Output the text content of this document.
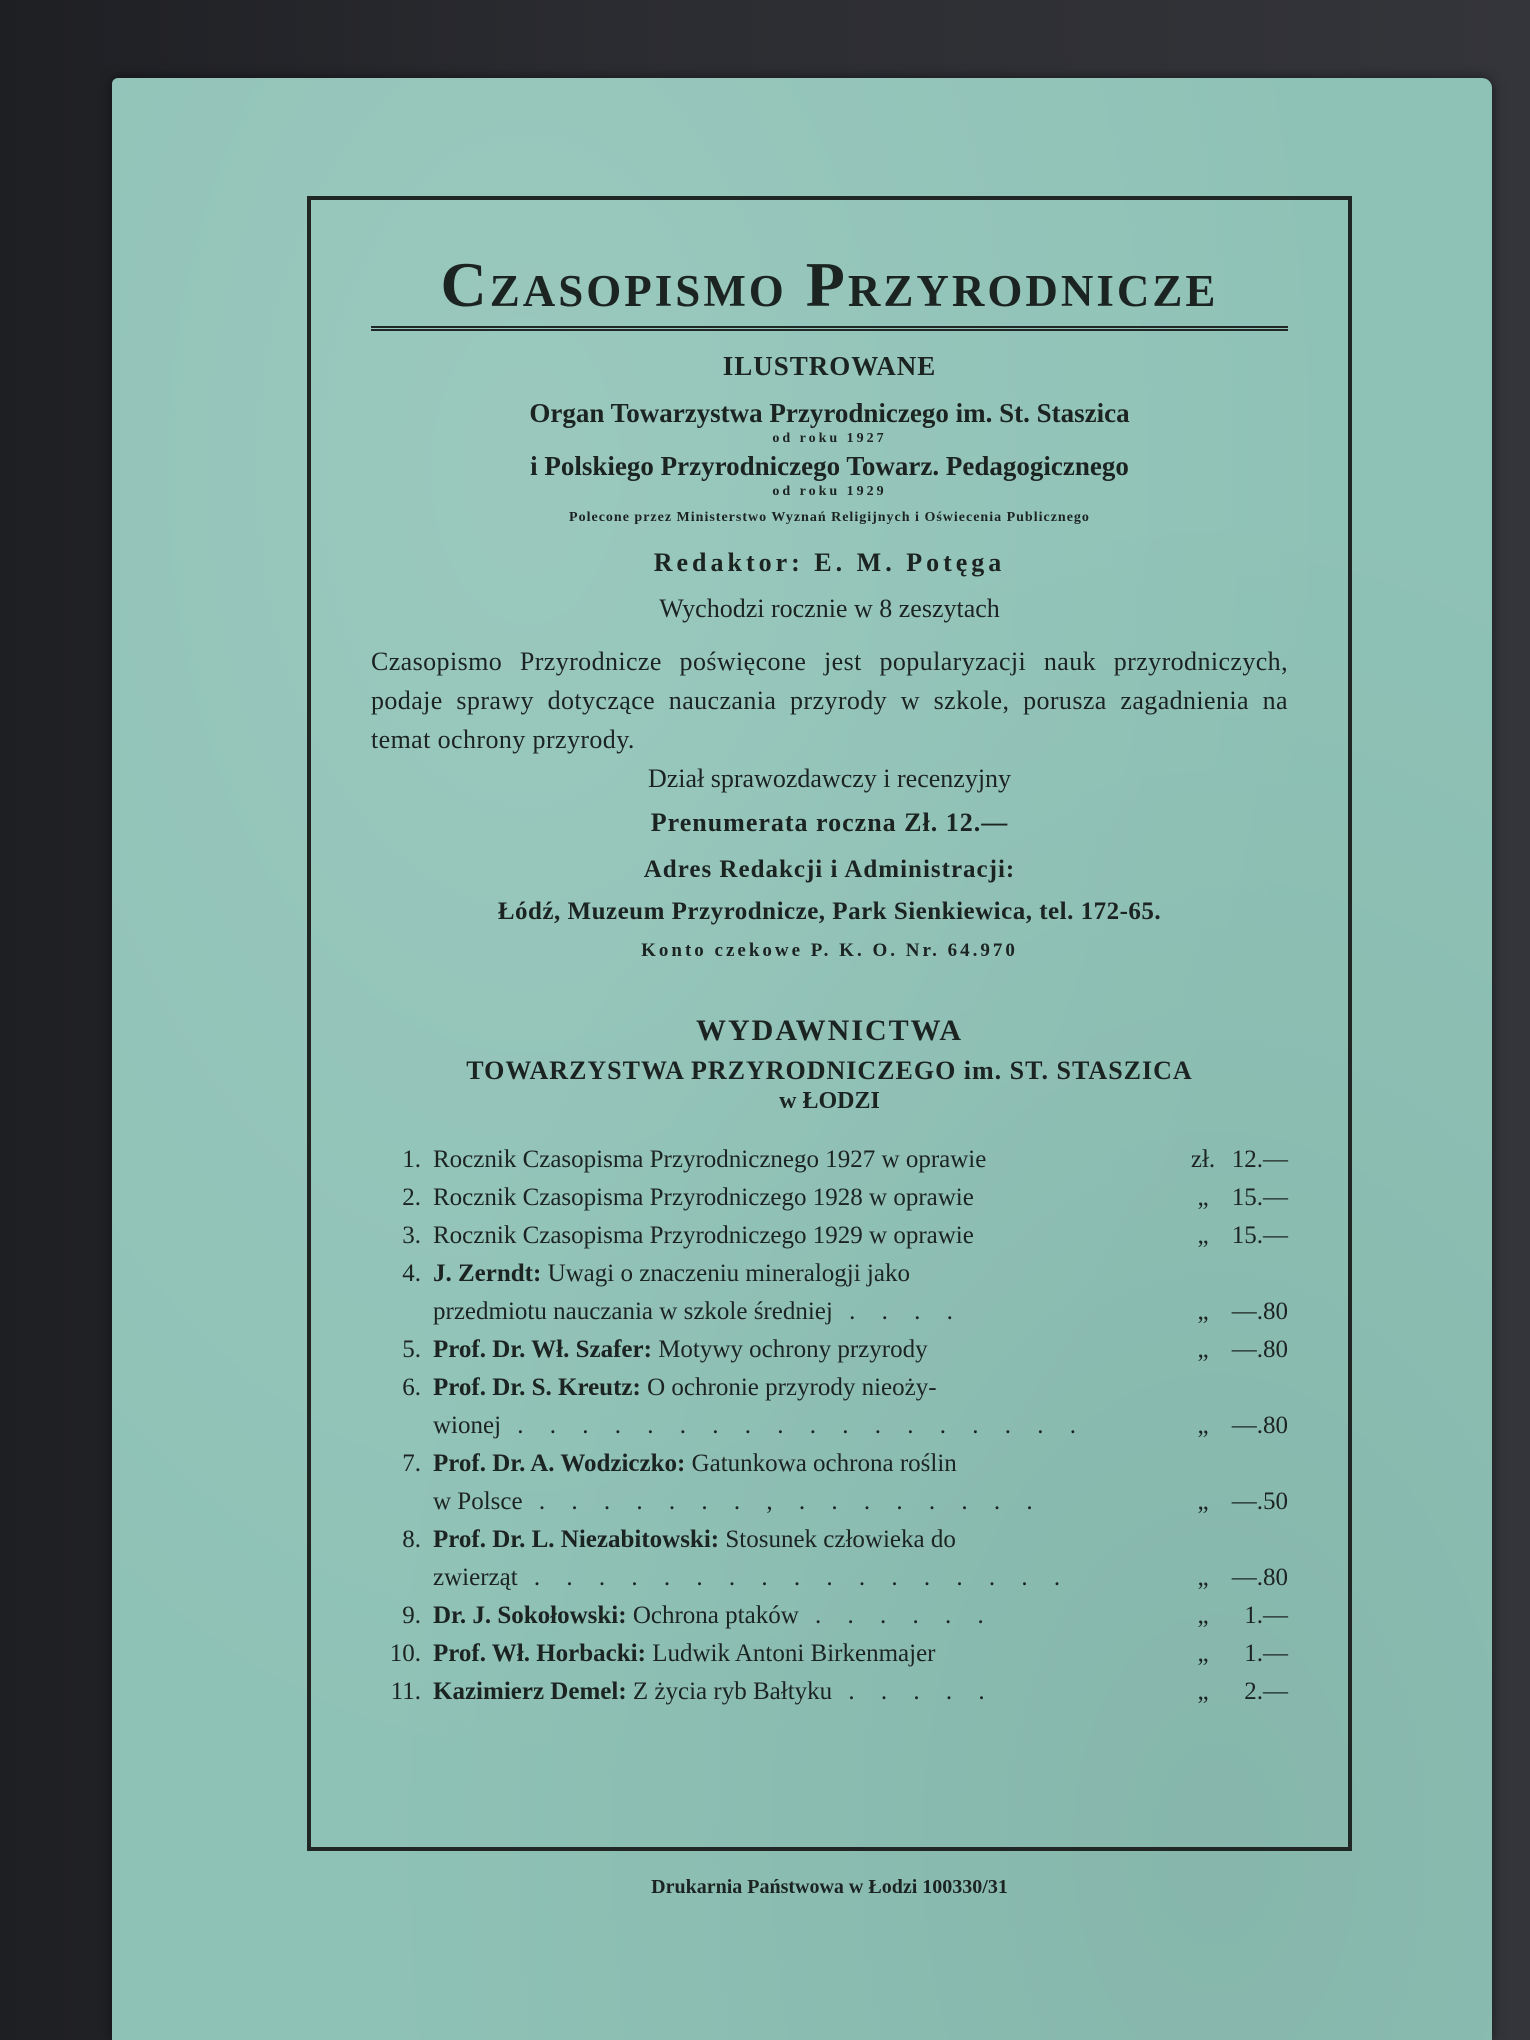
Czasopismo Przyrodnicze
ILUSTROWANE
Organ Towarzystwa Przyrodniczego im. St. Staszica
od roku 1927
i Polskiego Przyrodniczego Towarz. Pedagogicznego
od roku 1929
Polecone przez Ministerstwo Wyznań Religijnych i Oświecenia Publicznego
Redaktor: E. M. Potęga
Wychodzi rocznie w 8 zeszytach
Czasopismo Przyrodnicze poświęcone jest popularyzacji nauk przyrodniczych, podaje sprawy dotyczące nauczania przyrody w szkole, porusza zagadnienia na temat ochrony przyrody.
Dział sprawozdawczy i recenzyjny
Prenumerata roczna Zł. 12.—
Adres Redakcji i Administracji:
Łódź, Muzeum Przyrodnicze, Park Sienkiewica, tel. 172-65.
Konto czekowe P. K. O. Nr. 64.970
WYDAWNICTWA
TOWARZYSTWA PRZYRODNICZEGO im. ST. STASZICA
w ŁODZI
1. Rocznik Czasopisma Przyrodnicznego 1927 w oprawie	zł. 12.—
2. Rocznik Czasopisma Przyrodniczego 1928 w oprawie	„ 15.—
3. Rocznik Czasopisma Przyrodniczego 1929 w oprawie	„ 15.—
4. J. Zerndt: Uwagi o znaczeniu mineralogji jako
przedmiotu nauczania w szkole średniej . . . .	„ —.80
5. Prof. Dr. Wł. Szafer: Motywy ochrony przyrody	„ —.80
6. Prof. Dr. S. Kreutz: O ochronie przyrody nieoży-
wionej . . . . . . . . . . . . . . . . . .	„ —.80
7. Prof. Dr. A. Wodziczko: Gatunkowa ochrona roślin
w Polsce . . . . . . . , . . . . . . . .	„ —.50
8. Prof. Dr. L. Niezabitowski: Stosunek człowieka do
zwierząt . . . . . . . . . . . . . . . . .	„ —.80
9. Dr. J. Sokołowski: Ochrona ptaków . . . . . .	„	1.—
10. Prof. Wł. Horbacki: Ludwik Antoni Birkenmajer	„	1.—
11. Kazimierz Demel: Z życia ryb Bałtyku . . . . .	„	2.—
Drukarnia Państwowa w Łodzi 100330/31
